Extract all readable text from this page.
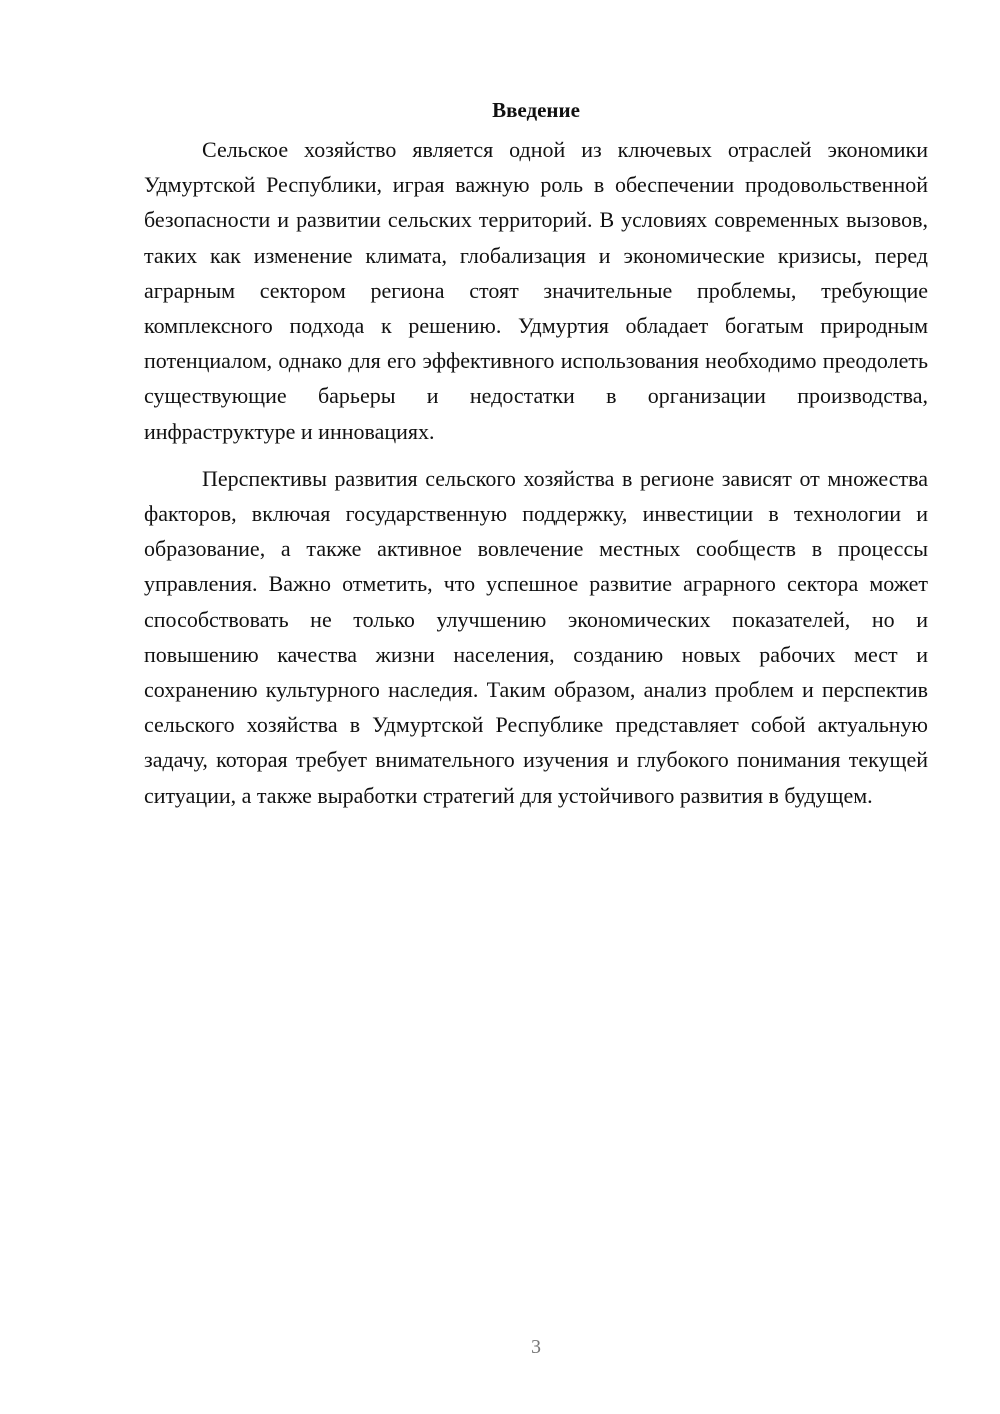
Введение

Сельское хозяйство является одной из ключевых отраслей экономики Удмуртской Республики, играя важную роль в обеспечении продовольственной безопасности и развитии сельских территорий. В условиях современных вызовов, таких как изменение климата, глобализация и экономические кризисы, перед аграрным сектором региона стоят значительные проблемы, требующие комплексного подхода к решению. Удмуртия обладает богатым природным потенциалом, однако для его эффективного использования необходимо преодолеть существующие барьеры и недостатки в организации производства, инфраструктуре и инновациях.

Перспективы развития сельского хозяйства в регионе зависят от множества факторов, включая государственную поддержку, инвестиции в технологии и образование, а также активное вовлечение местных сообществ в процессы управления. Важно отметить, что успешное развитие аграрного сектора может способствовать не только улучшению экономических показателей, но и повышению качества жизни населения, созданию новых рабочих мест и сохранению культурного наследия. Таким образом, анализ проблем и перспектив сельского хозяйства в Удмуртской Республике представляет собой актуальную задачу, которая требует внимательного изучения и глубокого понимания текущей ситуации, а также выработки стратегий для устойчивого развития в будущем.

3
